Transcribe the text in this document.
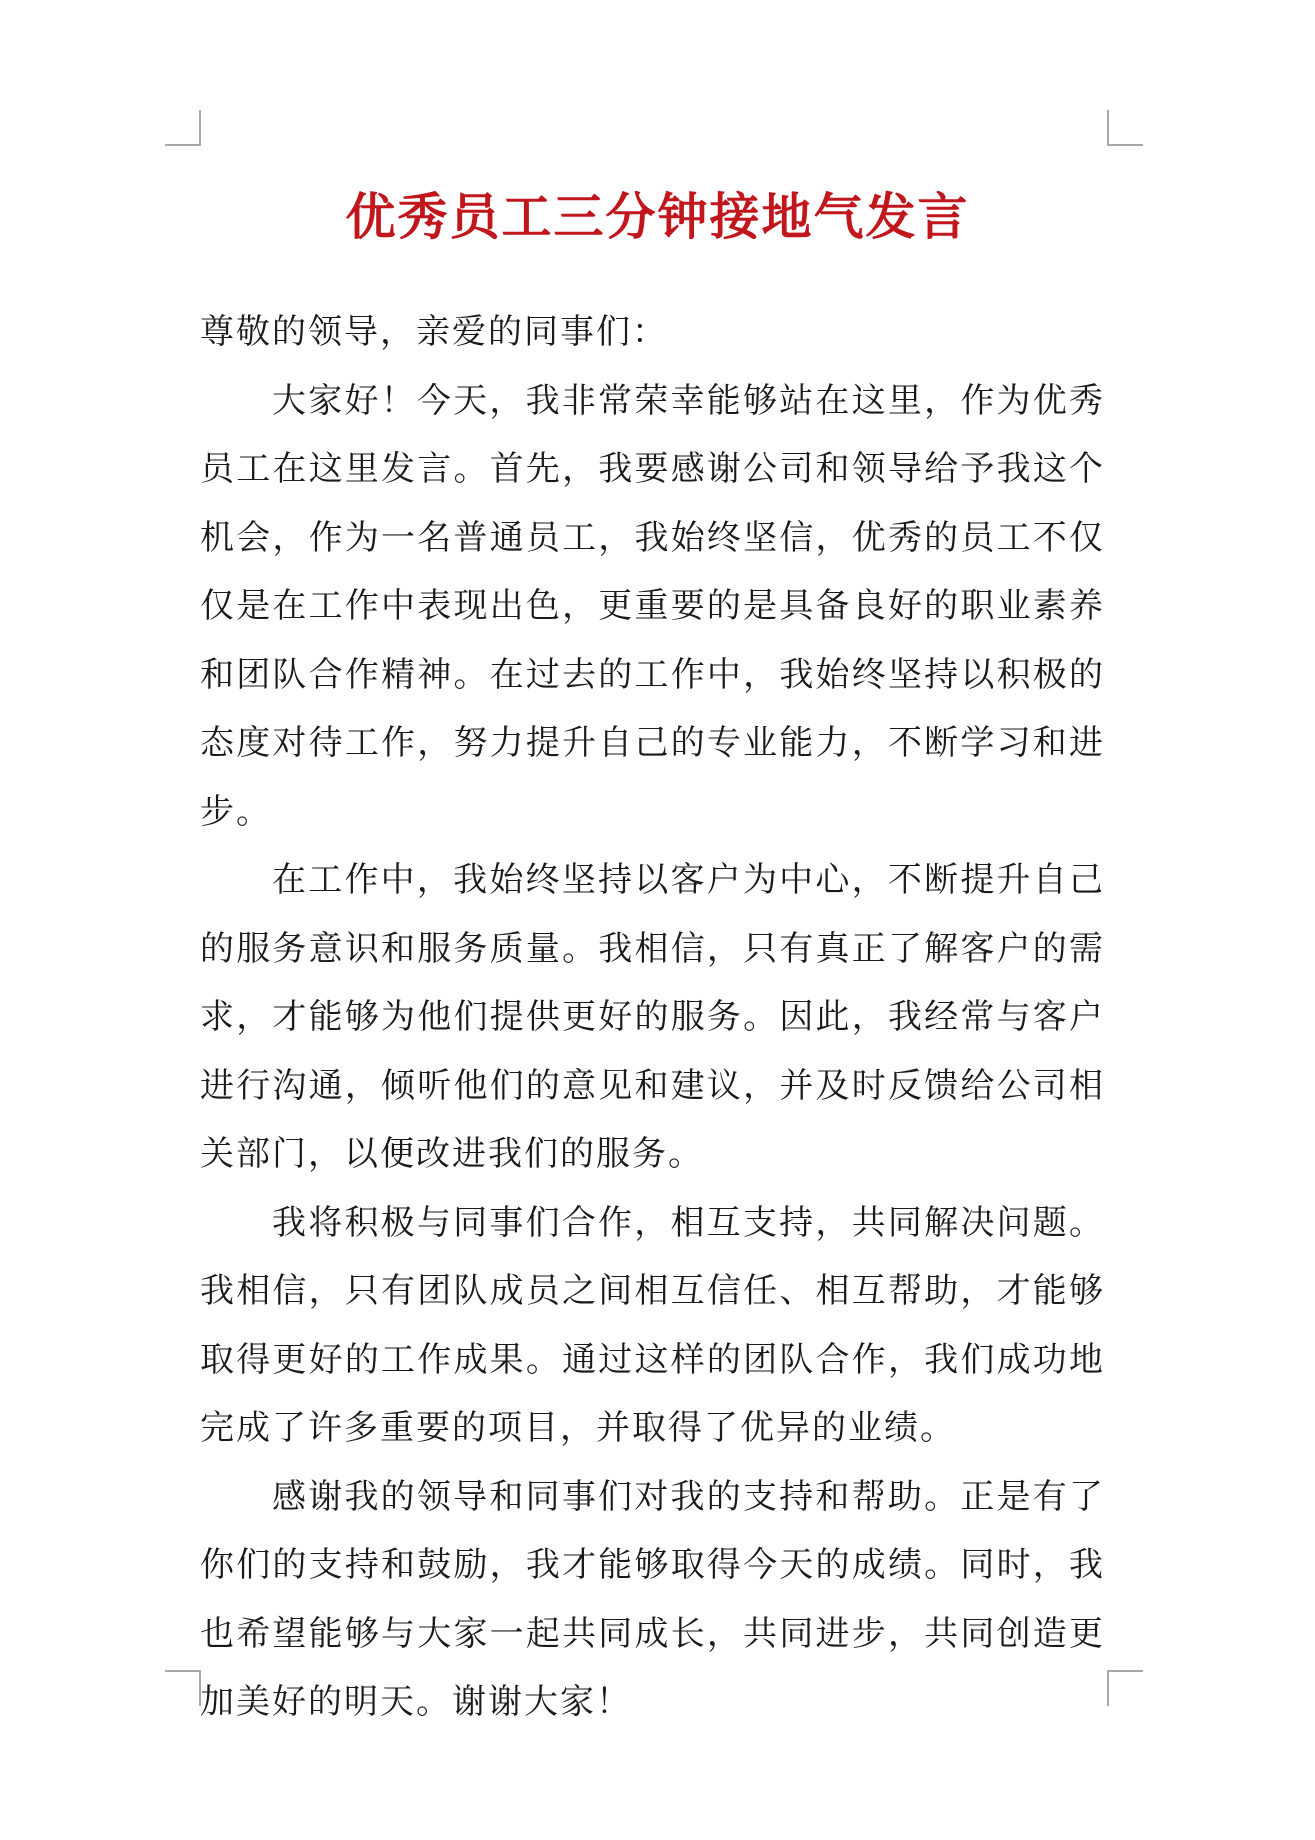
优秀员工三分钟接地气发言

尊敬的领导，亲爱的同事们：

大家好！今天，我非常荣幸能够站在这里，作为优秀员工在这里发言。首先，我要感谢公司和领导给予我这个机会，作为一名普通员工，我始终坚信，优秀的员工不仅仅是在工作中表现出色，更重要的是具备良好的职业素养和团队合作精神。在过去的工作中，我始终坚持以积极的态度对待工作，努力提升自己的专业能力，不断学习和进步。

在工作中，我始终坚持以客户为中心，不断提升自己的服务意识和服务质量。我相信，只有真正了解客户的需求，才能够为他们提供更好的服务。因此，我经常与客户进行沟通，倾听他们的意见和建议，并及时反馈给公司相关部门，以便改进我们的服务。

我将积极与同事们合作，相互支持，共同解决问题。我相信，只有团队成员之间相互信任、相互帮助，才能够取得更好的工作成果。通过这样的团队合作，我们成功地完成了许多重要的项目，并取得了优异的业绩。

感谢我的领导和同事们对我的支持和帮助。正是有了你们的支持和鼓励，我才能够取得今天的成绩。同时，我也希望能够与大家一起共同成长，共同进步，共同创造更加美好的明天。谢谢大家！
